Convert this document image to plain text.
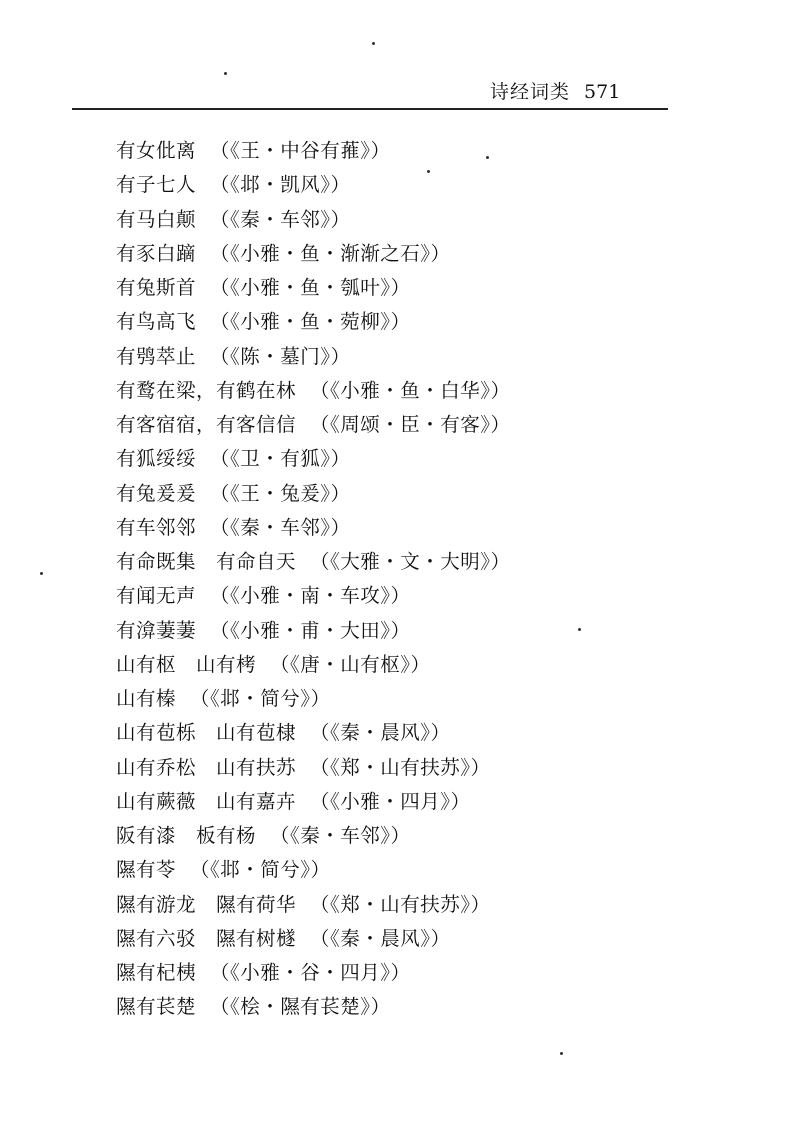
诗经词类 571
有女仳离 （《王・中谷有蓷》）
有子七人 （《邶・凯风》）
有马白颠 （《秦・车邻》）
有豕白蹢 （《小雅・鱼・渐渐之石》）
有兔斯首 （《小雅・鱼・瓠叶》）
有鸟高飞 （《小雅・鱼・菀柳》）
有鸮萃止 （《陈・墓门》）
有鹜在梁，有鹤在林 （《小雅・鱼・白华》）
有客宿宿，有客信信 （《周颂・臣・有客》）
有狐绥绥 （《卫・有狐》）
有兔爰爰 （《王・兔爰》）
有车邻邻 （《秦・车邻》）
有命既集　有命自天 （《大雅・文・大明》）
有闻无声 （《小雅・南・车攻》）
有渰萋萋 （《小雅・甫・大田》）
山有枢　山有栲 （《唐・山有枢》）
山有榛 （《邶・简兮》）
山有苞栎　山有苞棣 （《秦・晨风》）
山有乔松　山有扶苏 （《郑・山有扶苏》）
山有蕨薇　山有嘉卉 （《小雅・四月》）
阪有漆　板有杨 （《秦・车邻》）
隰有苓 （《邶・简兮》）
隰有游龙　隰有荷华 （《郑・山有扶苏》）
隰有六驳　隰有树檖 （《秦・晨风》）
隰有杞桋 （《小雅・谷・四月》）
隰有苌楚 （《桧・隰有苌楚》）
